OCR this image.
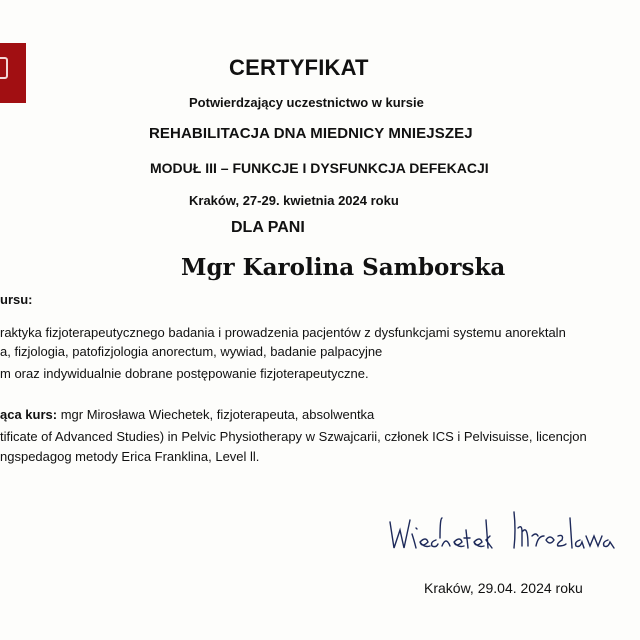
CERTYFIKAT
Potwierdzający uczestnictwo w kursie
REHABILITACJA DNA MIEDNICY MNIEJSZEJ
MODUŁ III – FUNKCJE I DYSFUNKCJA DEFEKACJI
Kraków, 27-29. kwietnia 2024 roku
DLA PANI
Mgr Karolina Samborska
ursu:
raktyka fizjoterapeutycznego badania i prowadzenia pacjentów z dysfunkcjami systemu anorektaln
a, fizjologia, patofizjologia anorectum, wywiad, badanie palpacyjne
m oraz indywidualnie dobrane postępowanie fizjoterapeutyczne.
ąca kurs: mgr Mirosława Wiechetek, fizjoterapeuta, absolwentka
tificate of Advanced Studies) in Pelvic Physiotherapy w Szwajcarii, członek ICS i Pelvisuisse, licencjon
ngspedagog metody Erica Franklina, Level ll.
Kraków, 29.04. 2024 roku
